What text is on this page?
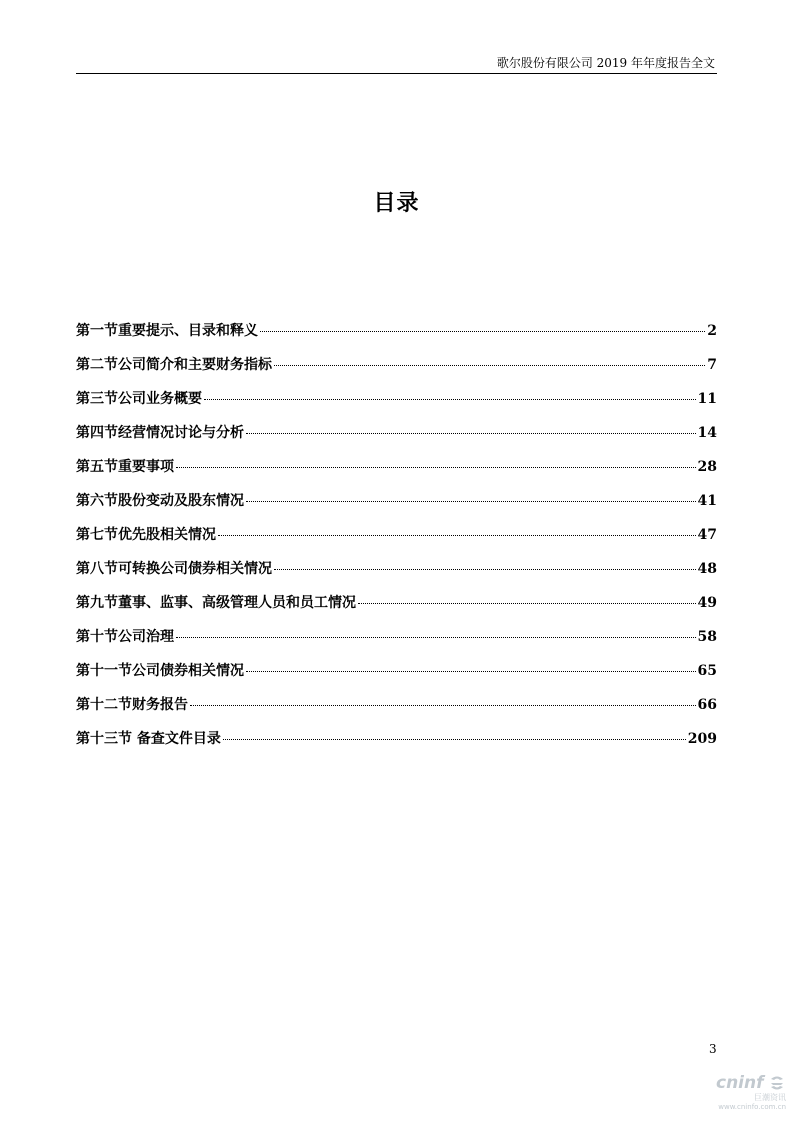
歌尔股份有限公司 2019 年年度报告全文
目录
第一节重要提示、目录和释义	2
第二节公司简介和主要财务指标	7
第三节公司业务概要	11
第四节经营情况讨论与分析	14
第五节重要事项	28
第六节股份变动及股东情况	41
第七节优先股相关情况	47
第八节可转换公司债券相关情况	48
第九节董事、监事、高级管理人员和员工情况	49
第十节公司治理	58
第十一节公司债券相关情况	65
第十二节财务报告	66
第十三节 备查文件目录	209
3
cninf
巨潮资讯
www.cninfo.com.cn
